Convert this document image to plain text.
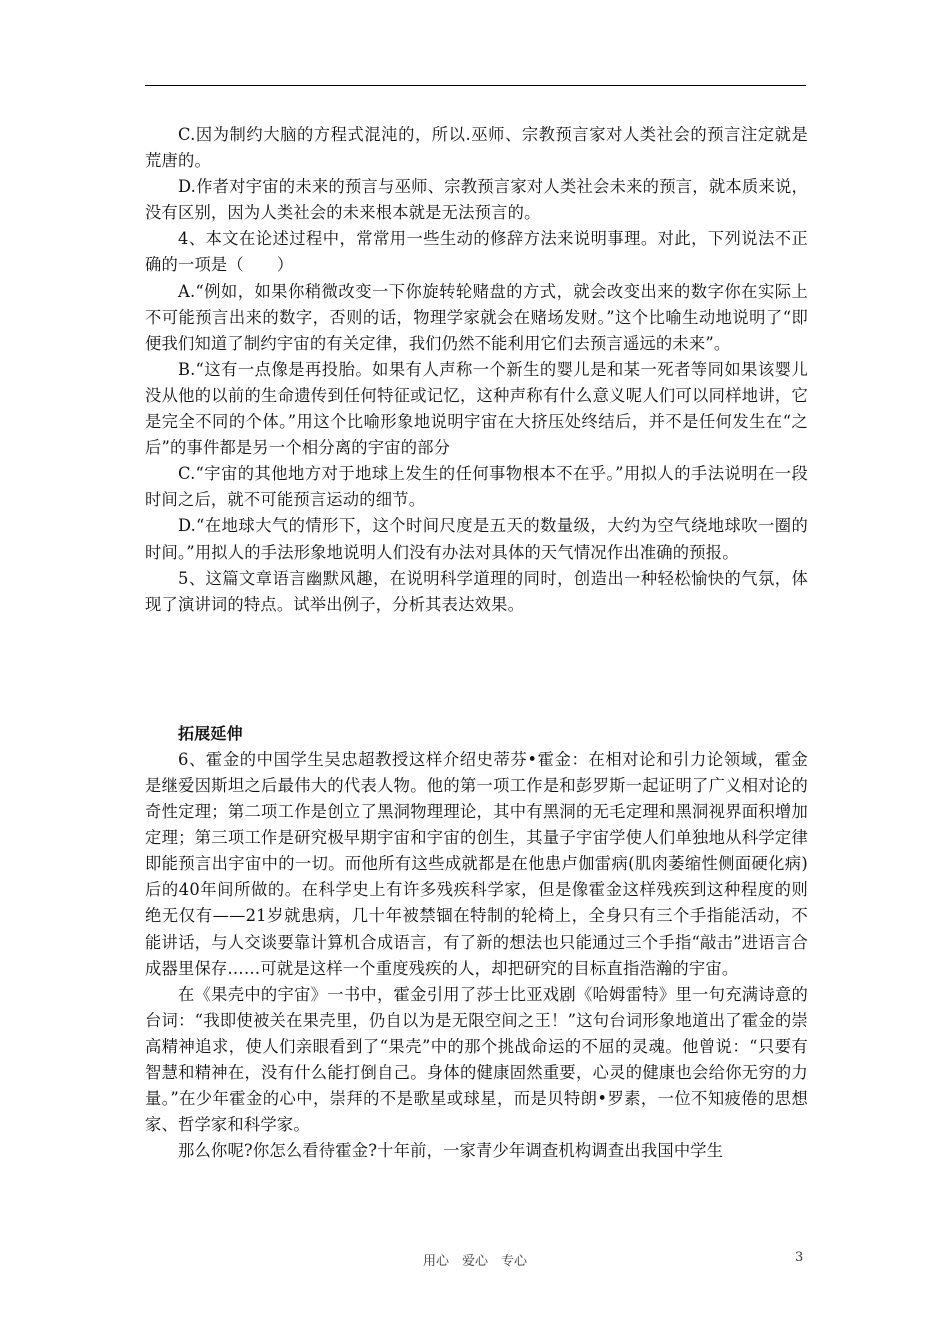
C.因为制约大脑的方程式混沌的，所以.巫师、宗教预言家对人类社会的预言注定就是荒唐的。

D.作者对宇宙的未来的预言与巫师、宗教预言家对人类社会未来的预言，就本质来说，没有区别，因为人类社会的未来根本就是无法预言的。

4、本文在论述过程中，常常用一些生动的修辞方法来说明事理。对此，下列说法不正确的一项是（　　）

A.“例如，如果你稍微改变一下你旋转轮赌盘的方式，就会改变出来的数字你在实际上不可能预言出来的数字，否则的话，物理学家就会在赌场发财。”这个比喻生动地说明了“即便我们知道了制约宇宙的有关定律，我们仍然不能利用它们去预言遥远的未来”。

B.“这有一点像是再投胎。如果有人声称一个新生的婴儿是和某一死者等同如果该婴儿没从他的以前的生命遗传到任何特征或记忆，这种声称有什么意义呢人们可以同样地讲，它是完全不同的个体。”用这个比喻形象地说明宇宙在大挤压处终结后，并不是任何发生在“之后”的事件都是另一个相分离的宇宙的部分

C.“宇宙的其他地方对于地球上发生的任何事物根本不在乎。”用拟人的手法说明在一段时间之后，就不可能预言运动的细节。

D.“在地球大气的情形下，这个时间尺度是五天的数量级，大约为空气绕地球吹一圈的时间。”用拟人的手法形象地说明人们没有办法对具体的天气情况作出准确的预报。

5、这篇文章语言幽默风趣，在说明科学道理的同时，创造出一种轻松愉快的气氛，体现了演讲词的特点。试举出例子，分析其表达效果。

拓展延伸

6、霍金的中国学生吴忠超教授这样介绍史蒂芬•霍金：在相对论和引力论领域，霍金是继爱因斯坦之后最伟大的代表人物。他的第一项工作是和彭罗斯一起证明了广义相对论的奇性定理；第二项工作是创立了黑洞物理理论，其中有黑洞的无毛定理和黑洞视界面积增加定理；第三项工作是研究极早期宇宙和宇宙的创生，其量子宇宙学使人们单独地从科学定律即能预言出宇宙中的一切。而他所有这些成就都是在他患卢伽雷病(肌肉萎缩性侧面硬化病)后的40年间所做的。在科学史上有许多残疾科学家，但是像霍金这样残疾到这种程度的则绝无仅有——21岁就患病，几十年被禁锢在特制的轮椅上，全身只有三个手指能活动，不能讲话，与人交谈要靠计算机合成语言，有了新的想法也只能通过三个手指“敲击”进语言合成器里保存……可就是这样一个重度残疾的人，却把研究的目标直指浩瀚的宇宙。

在《果壳中的宇宙》一书中，霍金引用了莎士比亚戏剧《哈姆雷特》里一句充满诗意的台词：“我即使被关在果壳里，仍自以为是无限空间之王！”这句台词形象地道出了霍金的崇高精神追求，使人们亲眼看到了“果壳”中的那个挑战命运的不屈的灵魂。他曾说：“只要有智慧和精神在，没有什么能打倒自己。身体的健康固然重要，心灵的健康也会给你无穷的力量。”在少年霍金的心中，崇拜的不是歌星或球星，而是贝特朗•罗素，一位不知疲倦的思想家、哲学家和科学家。

那么你呢?你怎么看待霍金?十年前，一家青少年调查机构调查出我国中学生

用心　爱心　专心	3
